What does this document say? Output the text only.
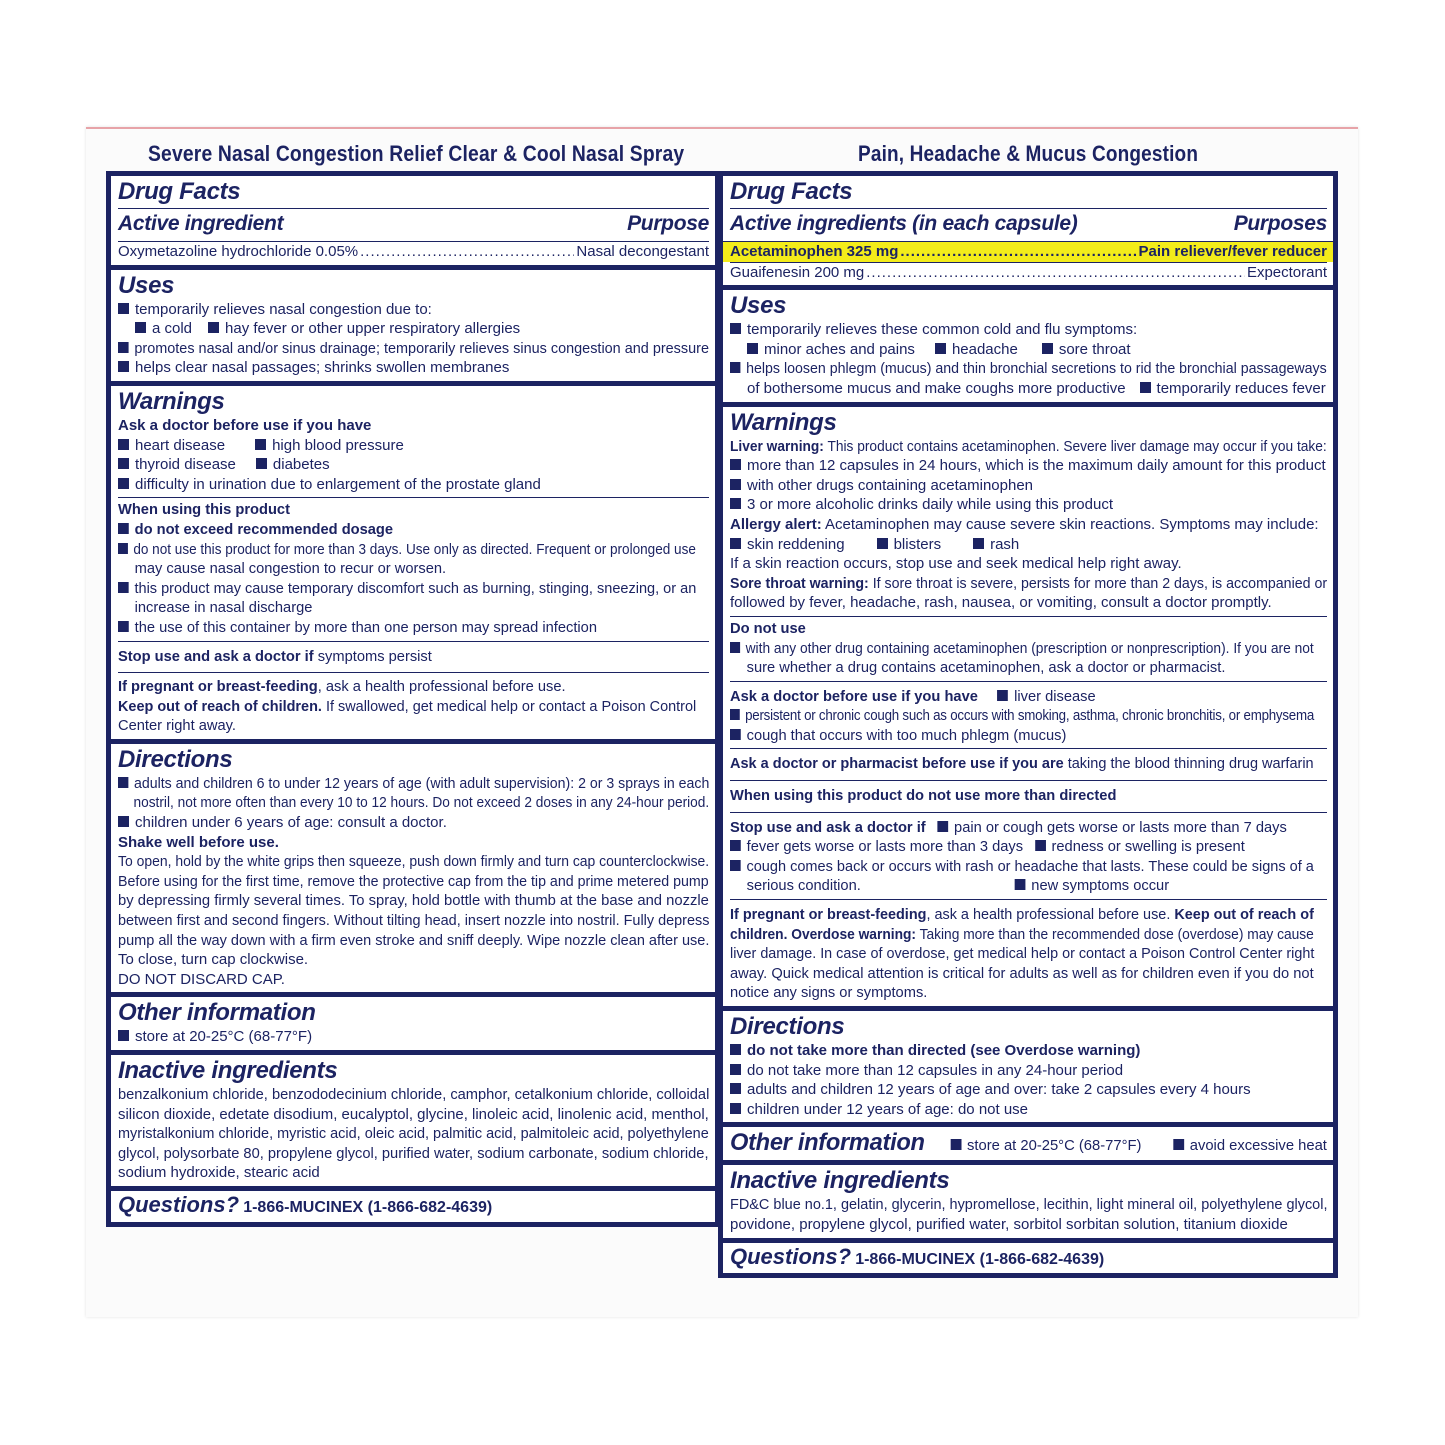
Severe Nasal Congestion Relief Clear & Cool Nasal Spray
Drug Facts
Active ingredient	Purpose
Oxymetazoline hydrochloride 0.05% .....	Nasal decongestant
Uses
temporarily relieves nasal congestion due to:
a cold hay fever or other upper respiratory allergies
promotes nasal and/or sinus drainage; temporarily relieves sinus congestion and pressure
helps clear nasal passages; shrinks swollen membranes
Warnings
Ask a doctor before use if you have
heart disease	high blood pressure
thyroid disease diabetes
difficulty in urination due to enlargement of the prostate gland
When using this product
do not exceed recommended dosage
do not use this product for more than 3 days. Use only as directed. Frequent or prolonged use
may cause nasal congestion to recur or worsen.
this product may cause temporary discomfort such as burning, stinging, sneezing, or an
increase in nasal discharge
the use of this container by more than one person may spread infection
Stop use and ask a doctor if symptoms persist
If pregnant or breast-feeding, ask a health professional before use.
Keep out of reach of children. If swallowed, get medical help or contact a Poison Control
Center right away.
Directions
adults and children 6 to under 12 years of age (with adult supervision): 2 or 3 sprays in each
nostril, not more often than every 10 to 12 hours. Do not exceed 2 doses in any 24-hour period.
children under 6 years of age: consult a doctor.
Shake well before use.
To open, hold by the white grips then squeeze, push down firmly and turn cap counterclockwise.
Before using for the first time, remove the protective cap from the tip and prime metered pump
by depressing firmly several times. To spray, hold bottle with thumb at the base and nozzle
between first and second fingers. Without tilting head, insert nozzle into nostril. Fully depress
pump all the way down with a firm even stroke and sniff deeply. Wipe nozzle clean after use.
To close, turn cap clockwise.
DO NOT DISCARD CAP.
Other information
store at 20-25°C (68-77°F)
Inactive ingredients
benzalkonium chloride, benzododecinium chloride, camphor, cetalkonium chloride, colloidal
silicon dioxide, edetate disodium, eucalyptol, glycine, linoleic acid, linolenic acid, menthol,
myristalkonium chloride, myristic acid, oleic acid, palmitic acid, palmitoleic acid, polyethylene
glycol, polysorbate 80, propylene glycol, purified water, sodium carbonate, sodium chloride,
sodium hydroxide, stearic acid
Questions? 1-866-MUCINEX (1-866-682-4639)
Pain, Headache & Mucus Congestion
Drug Facts
Active ingredients (in each capsule)	Purposes
Acetaminophen 325 mg .....	Pain reliever/fever reducer
Guaifenesin 200 mg .....	Expectorant
Uses
temporarily relieves these common cold and flu symptoms:
minor aches and pains headache	sore throat
helps loosen phlegm (mucus) and thin bronchial secretions to rid the bronchial passageways
of bothersome mucus and make coughs more productive temporarily reduces fever
Warnings
Liver warning: This product contains acetaminophen. Severe liver damage may occur if you take:
more than 12 capsules in 24 hours, which is the maximum daily amount for this product
with other drugs containing acetaminophen
3 or more alcoholic drinks daily while using this product
Allergy alert: Acetaminophen may cause severe skin reactions. Symptoms may include:
skin reddening	blisters	rash
If a skin reaction occurs, stop use and seek medical help right away.
Sore throat warning: If sore throat is severe, persists for more than 2 days, is accompanied or
followed by fever, headache, rash, nausea, or vomiting, consult a doctor promptly.
Do not use
with any other drug containing acetaminophen (prescription or nonprescription). If you are not
sure whether a drug contains acetaminophen, ask a doctor or pharmacist.
Ask a doctor before use if you have liver disease
persistent or chronic cough such as occurs with smoking, asthma, chronic bronchitis, or emphysema
cough that occurs with too much phlegm (mucus)
Ask a doctor or pharmacist before use if you are taking the blood thinning drug warfarin
When using this product do not use more than directed
Stop use and ask a doctor if pain or cough gets worse or lasts more than 7 days
fever gets worse or lasts more than 3 days redness or swelling is present
cough comes back or occurs with rash or headache that lasts. These could be signs of a
serious condition.	new symptoms occur
If pregnant or breast-feeding, ask a health professional before use. Keep out of reach of
children. Overdose warning: Taking more than the recommended dose (overdose) may cause
liver damage. In case of overdose, get medical help or contact a Poison Control Center right
away. Quick medical attention is critical for adults as well as for children even if you do not
notice any signs or symptoms.
Directions
do not take more than directed (see Overdose warning)
do not take more than 12 capsules in any 24-hour period
adults and children 12 years of age and over: take 2 capsules every 4 hours
children under 12 years of age: do not use
Other information	store at 20-25°C (68-77°F)	avoid excessive heat
Inactive ingredients
FD&C blue no.1, gelatin, glycerin, hypromellose, lecithin, light mineral oil, polyethylene glycol,
povidone, propylene glycol, purified water, sorbitol sorbitan solution, titanium dioxide
Questions? 1-866-MUCINEX (1-866-682-4639)
